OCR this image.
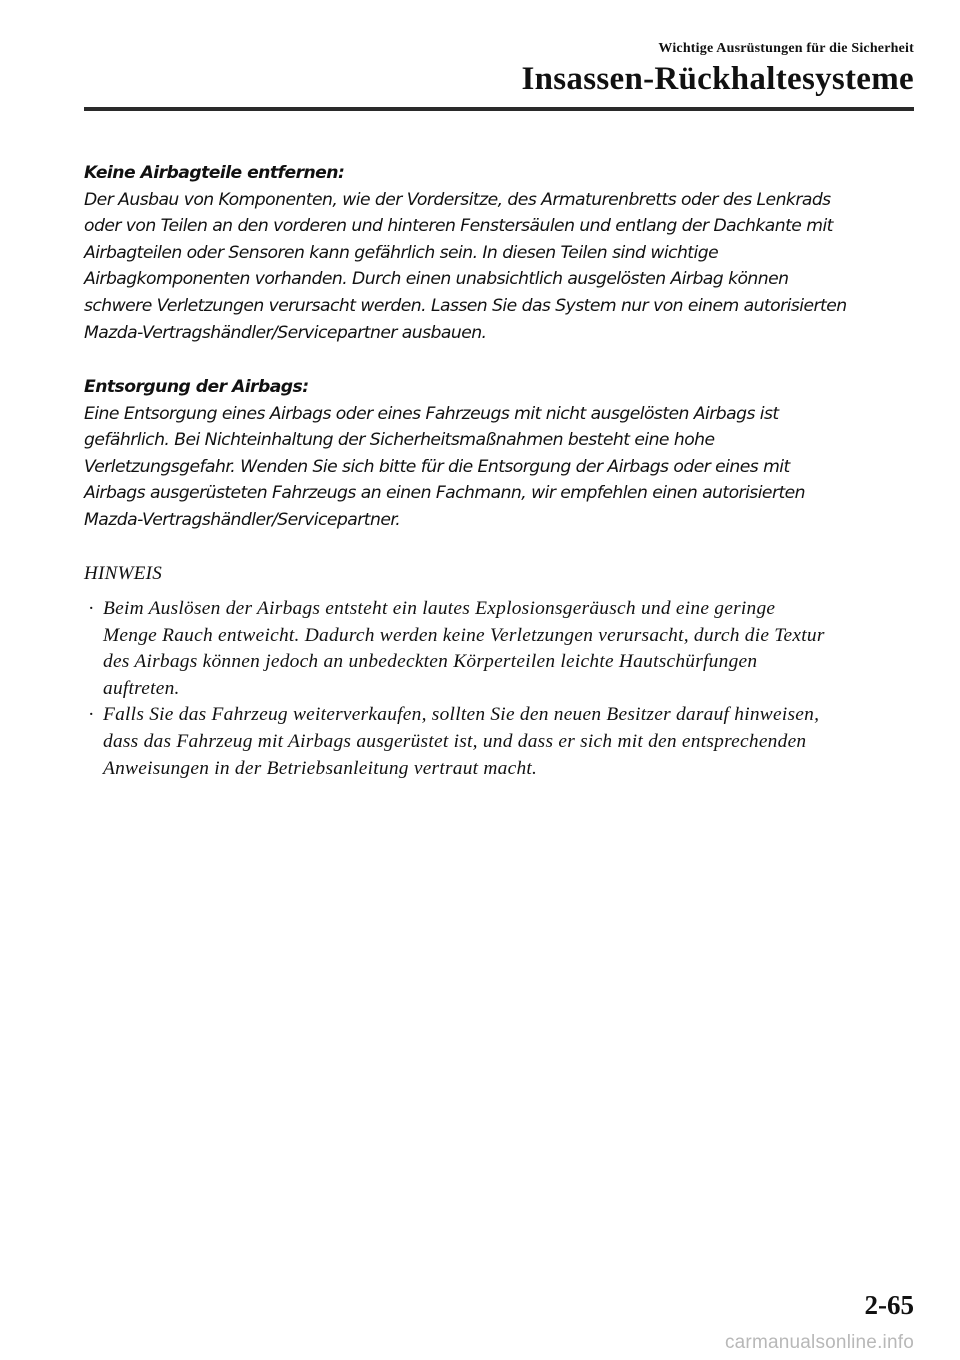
Wichtige Ausrüstungen für die Sicherheit
Insassen-Rückhaltesysteme
Keine Airbagteile entfernen:
Der Ausbau von Komponenten, wie der Vordersitze, des Armaturenbretts oder des Lenkrads
oder von Teilen an den vorderen und hinteren Fenstersäulen und entlang der Dachkante mit
Airbagteilen oder Sensoren kann gefährlich sein. In diesen Teilen sind wichtige
Airbagkomponenten vorhanden. Durch einen unabsichtlich ausgelösten Airbag können
schwere Verletzungen verursacht werden. Lassen Sie das System nur von einem autorisierten
Mazda-Vertragshändler/Servicepartner ausbauen.
Entsorgung der Airbags:
Eine Entsorgung eines Airbags oder eines Fahrzeugs mit nicht ausgelösten Airbags ist
gefährlich. Bei Nichteinhaltung der Sicherheitsmaßnahmen besteht eine hohe
Verletzungsgefahr. Wenden Sie sich bitte für die Entsorgung der Airbags oder eines mit
Airbags ausgerüsteten Fahrzeugs an einen Fachmann, wir empfehlen einen autorisierten
Mazda-Vertragshändler/Servicepartner.
HINWEIS
· Beim Auslösen der Airbags entsteht ein lautes Explosionsgeräusch und eine geringe
Menge Rauch entweicht. Dadurch werden keine Verletzungen verursacht, durch die Textur
des Airbags können jedoch an unbedeckten Körperteilen leichte Hautschürfungen
auftreten.
· Falls Sie das Fahrzeug weiterverkaufen, sollten Sie den neuen Besitzer darauf hinweisen,
dass das Fahrzeug mit Airbags ausgerüstet ist, und dass er sich mit den entsprechenden
Anweisungen in der Betriebsanleitung vertraut macht.
2-65
carmanualsonline.info
